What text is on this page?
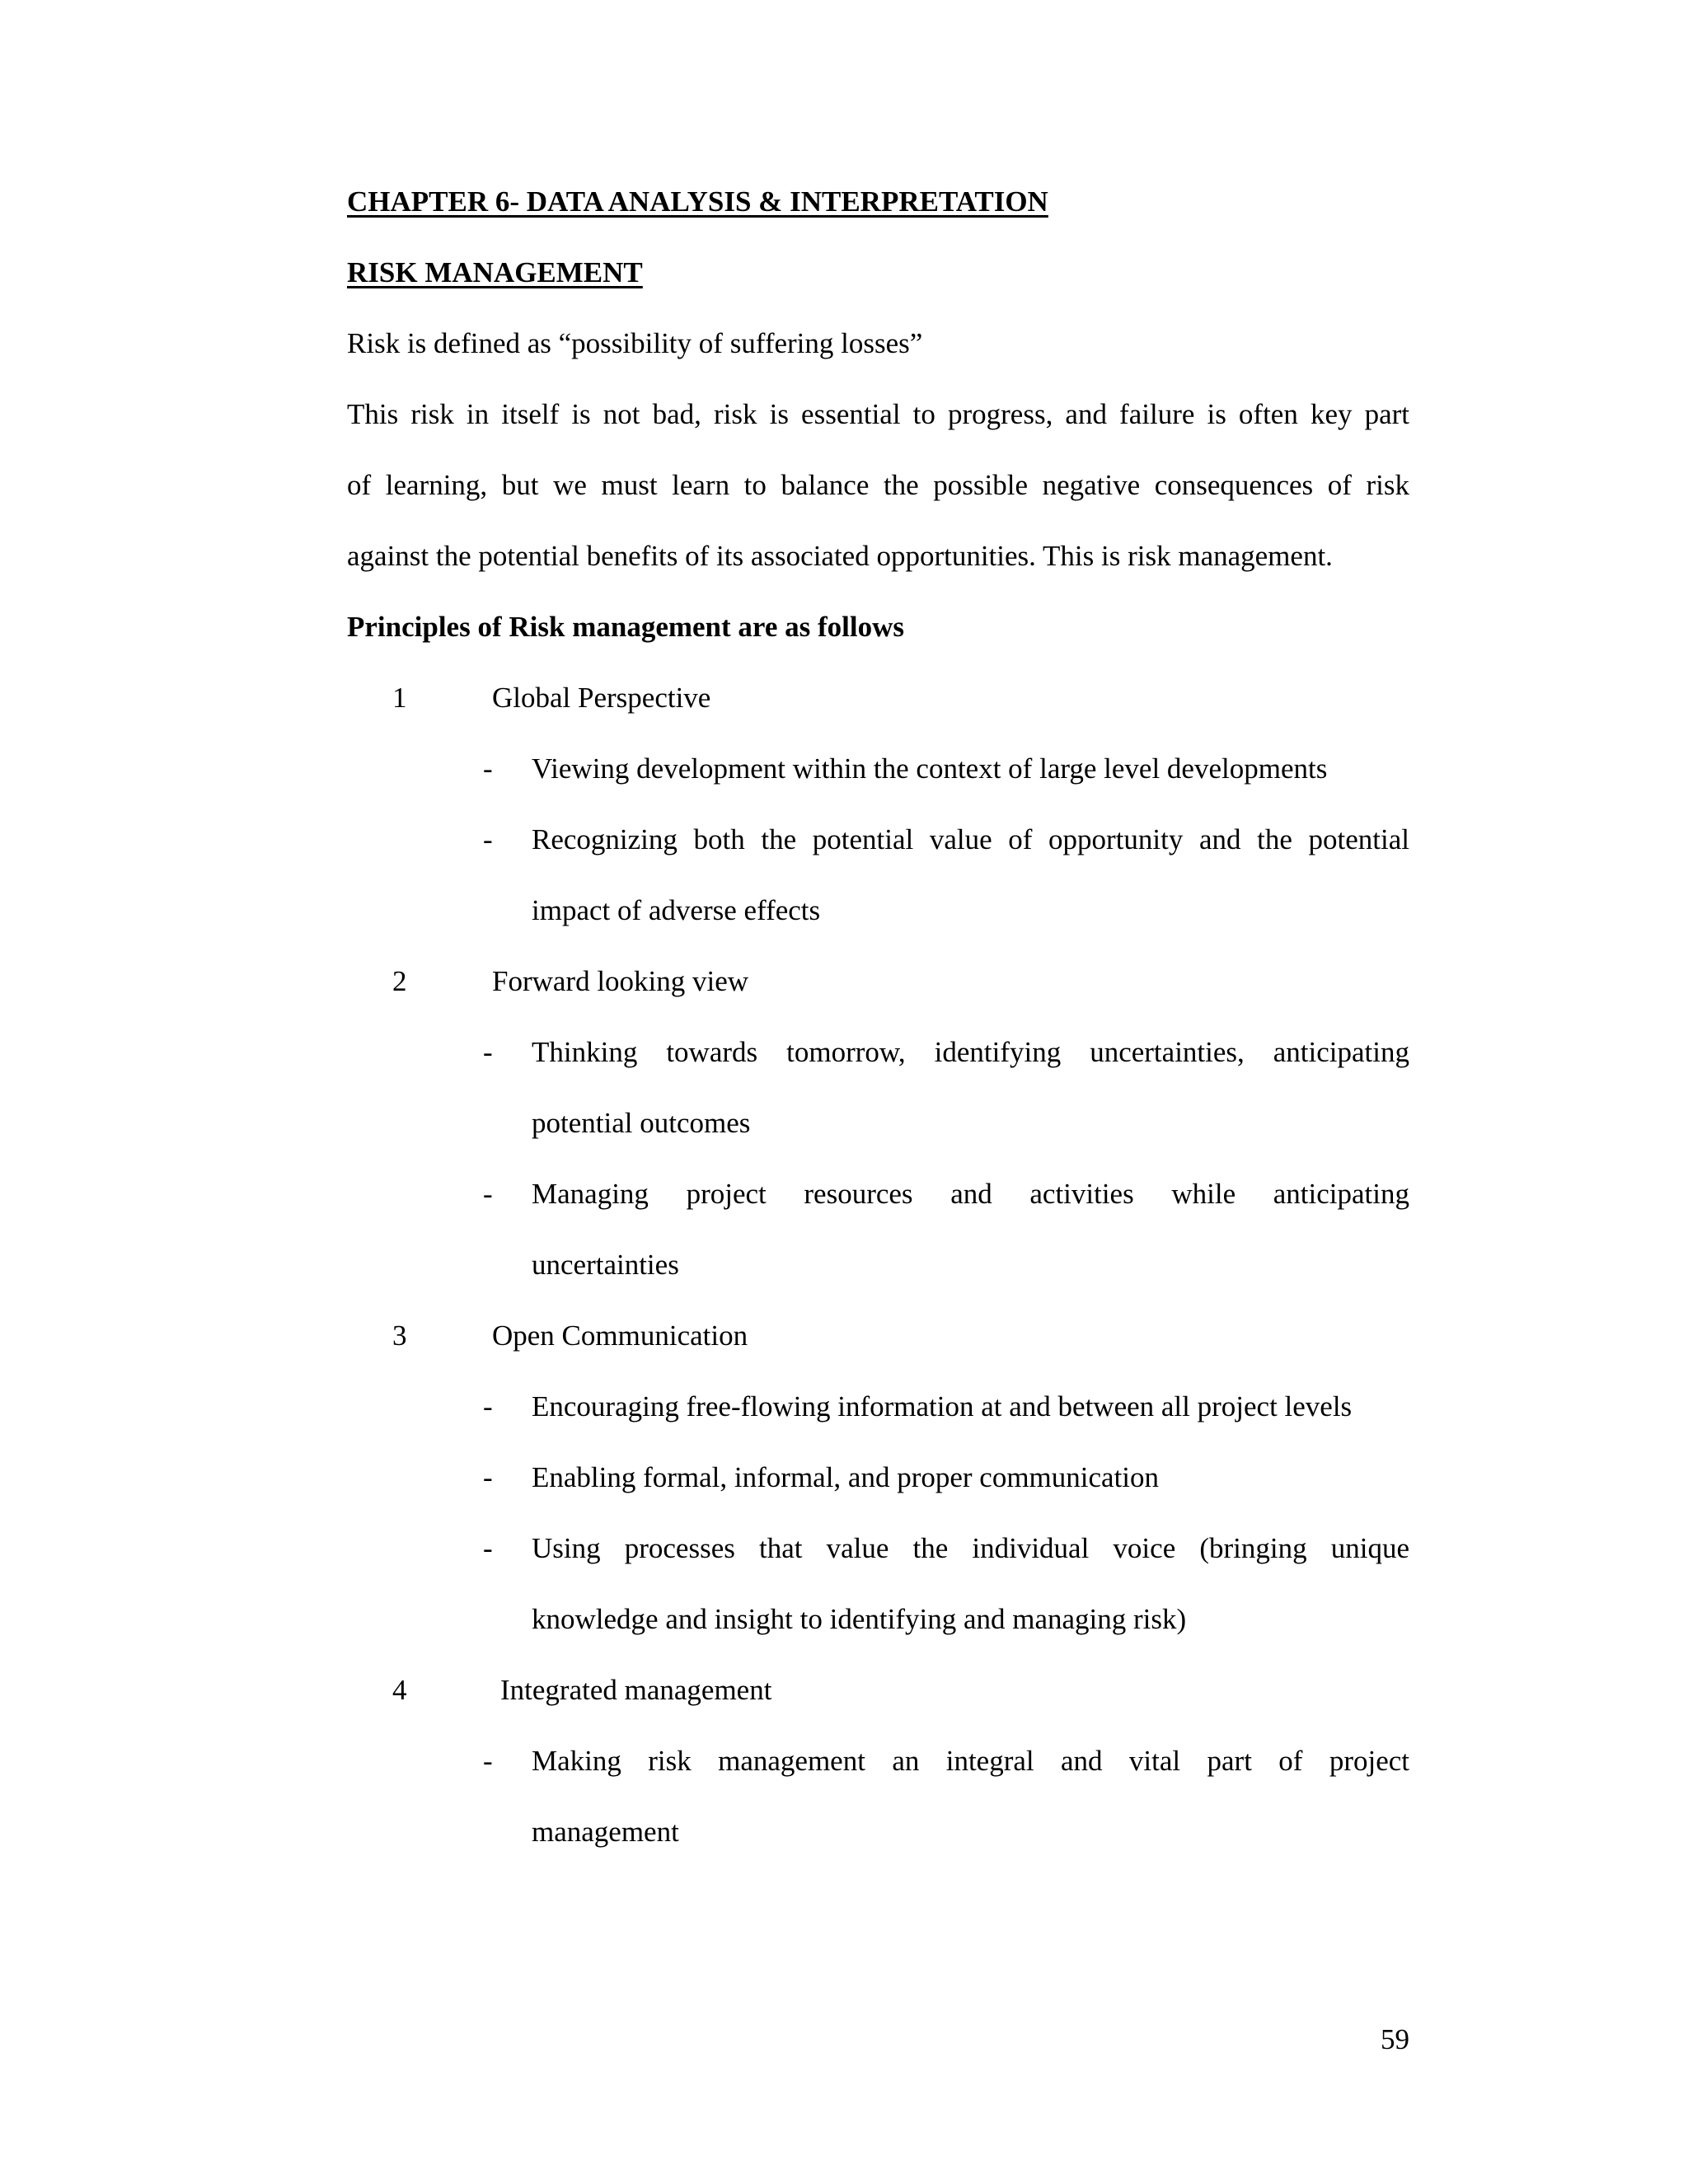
CHAPTER 6- DATA ANALYSIS & INTERPRETATION
RISK MANAGEMENT
Risk is defined as “possibility of suffering losses”
This risk in itself is not bad, risk is essential to progress, and failure is often key part
of learning, but we must learn to balance the possible negative consequences of risk
against the potential benefits of its associated opportunities. This is risk management.
Principles of Risk management are as follows
1	Global Perspective
- Viewing development within the context of large level developments
- Recognizing both the potential value of opportunity and the potential
impact of adverse effects
2	Forward looking view
- Thinking towards tomorrow, identifying uncertainties, anticipating
potential outcomes
- Managing project resources and activities while anticipating
uncertainties
3	Open Communication
- Encouraging free-flowing information at and between all project levels
- Enabling formal, informal, and proper communication
- Using processes that value the individual voice (bringing unique
knowledge and insight to identifying and managing risk)
4	Integrated management
- Making risk management an integral and vital part of project
management
59
